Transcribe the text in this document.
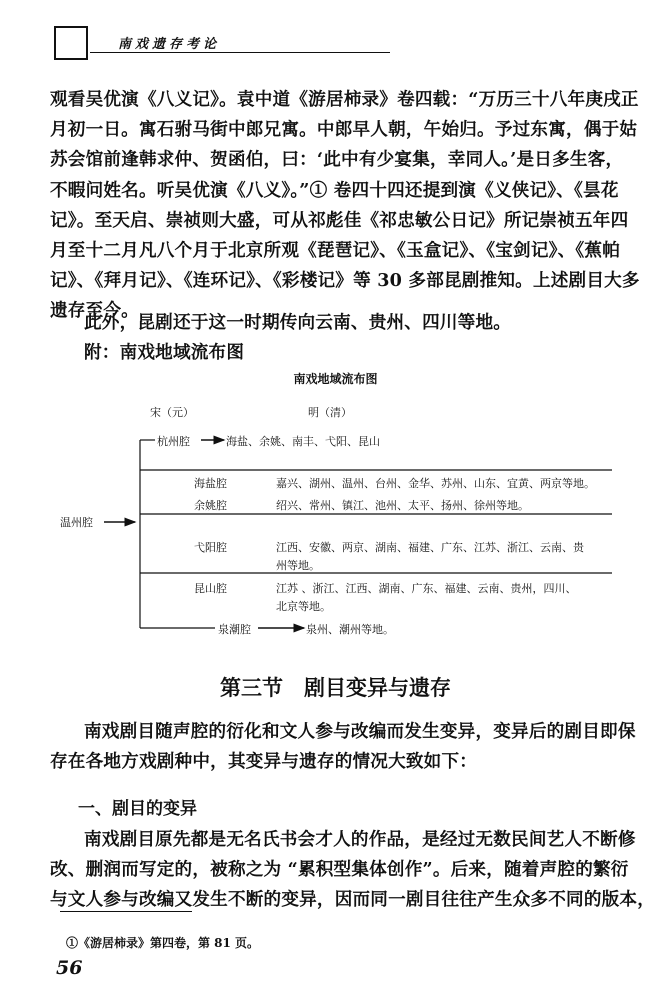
南戏遗存考论
观看吴优演《八义记》。袁中道《游居柿录》卷四载：“万历三十八年庚戌正
月初一日。寓石驸马街中郎兄寓。中郎早人朝，午始归。予过东寓，偶于姑
苏会馆前逢韩求仲、贺函伯，曰：‘此中有少宴集，幸同人。’是日多生客，
不暇问姓名。听吴优演《八义》。”① 卷四十四还提到演《义侠记》、《昙花
记》。至天启、崇祯则大盛，可从祁彪佳《祁忠敏公日记》所记崇祯五年四
月至十二月凡八个月于北京所观《琵琶记》、《玉盒记》、《宝剑记》、《蕉帕
记》、《拜月记》、《连环记》、《彩楼记》等 30 多部昆剧推知。上述剧目大多
遗存至今。
此外，昆剧还于这一时期传向云南、贵州、四川等地。
附：南戏地域流布图
南戏地域流布图
宋（元）	明（清）
温州腔
杭州腔	海盐、余姚、南丰、弋阳、昆山
海盐腔	嘉兴、湖州、温州、台州、金华、苏州、山东、宜黄、两京等地。
余姚腔	绍兴、常州、镇江、池州、太平、扬州、徐州等地。
弋阳腔	江西、安徽、两京、湖南、福建、广东、江苏、浙江、云南、贵
州等地。
昆山腔	江苏 、浙江、江西、湖南、广东、福建、云南、贵州，四川、
北京等地。
泉潮腔	泉州、潮州等地。
第三节　剧目变异与遗存
南戏剧目随声腔的衍化和文人参与改编而发生变异，变异后的剧目即保
存在各地方戏剧种中，其变异与遗存的情况大致如下：
一、剧目的变异
南戏剧目原先都是无名氏书会才人的作品，是经过无数民间艺人不断修
改、删润而写定的，被称之为 “累积型集体创作”。后来，随着声腔的繁衍
与文人参与改编又发生不断的变异，因而同一剧目往往产生众多不同的版本，
①《游居柿录》第四卷，第 81 页。
56
